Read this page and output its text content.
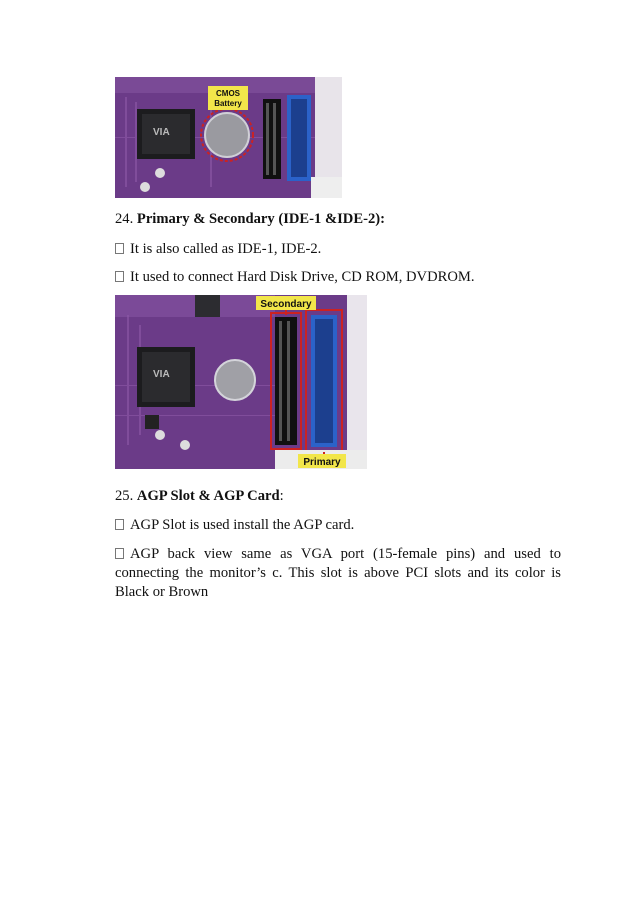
VIA
CMOS
Battery
24. Primary & Secondary (IDE-1 &IDE-2):
It is also called as IDE-1, IDE-2.
It used to connect Hard Disk Drive, CD ROM, DVDROM.
VIA
Secondary
Primary
25. AGP Slot & AGP Card:
AGP Slot is used install the AGP card.
AGP back view same as VGA port (15-female pins) and used to
connecting the monitor’s c. This slot is above PCI slots and its color is
Black or Brown
